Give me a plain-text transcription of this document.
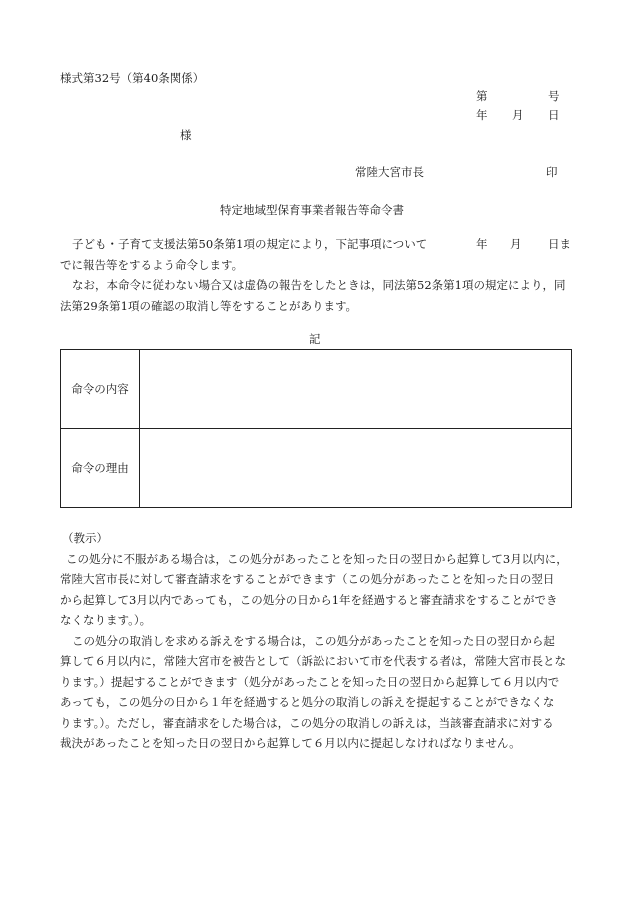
様式第32号（第40条関係）
第	号
年 月 日
様
常陸大宮市長	印
特定地域型保育事業者報告等命令書
子ども・子育て支援法第50条第1項の規定により，下記事項について	年 月 日ま

でに報告等をするよう命令します。

なお，本命令に従わない場合又は虚偽の報告をしたときは，同法第52条第1項の規定により，同

法第29条第1項の確認の取消し等をすることがあります。

記
命令の内容	
命令の理由	

（教示）

この処分に不服がある場合は，この処分があったことを知った日の翌日から起算して3月以内に，

常陸大宮市長に対して審査請求をすることができます（この処分があったことを知った日の翌日

から起算して3月以内であっても，この処分の日から1年を経過すると審査請求をすることができ

なくなります。）。

この処分の取消しを求める訴えをする場合は，この処分があったことを知った日の翌日から起

算して６月以内に，常陸大宮市を被告として（訴訟において市を代表する者は，常陸大宮市長とな

ります。）提起することができます（処分があったことを知った日の翌日から起算して６月以内で

あっても，この処分の日から１年を経過すると処分の取消しの訴えを提起することができなくな

ります。）。ただし，審査請求をした場合は，この処分の取消しの訴えは，当該審査請求に対する

裁決があったことを知った日の翌日から起算して６月以内に提起しなければなりません。
